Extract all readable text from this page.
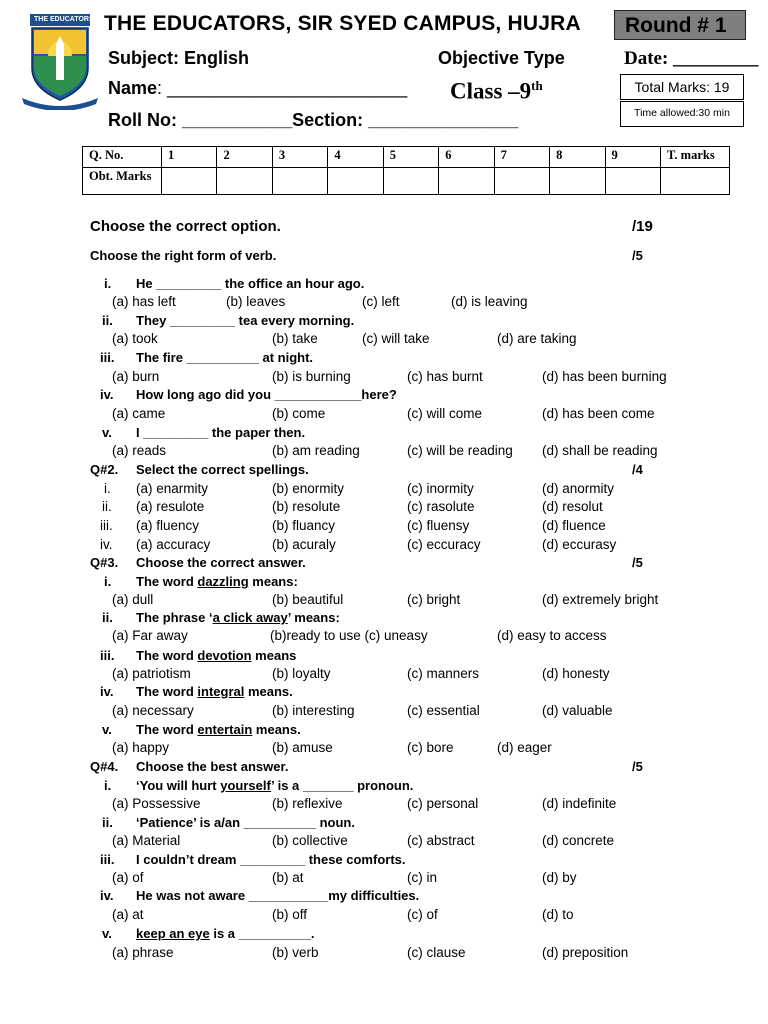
THE EDUCATORS THE EDUCATORS, SIR SYED CAMPUS, HUJRA
Subject: English	Objective Type
Name: ________________________ Class –9th
Roll No: ___________Section: _______________
Round # 1
Date: _________
Total Marks: 19
Time allowed:30 min
Q. No.	1	2	3	4	5	6	7	8	9	T. marks
Obt. Marks										
Choose the correct option.	/19
Choose the right form of verb.	/5
i. He _________ the office an hour ago.
(a) has left	(b) leaves	(c) left	(d) is leaving
ii. They _________ tea every morning.
(a) took	(b) take	(c) will take	(d) are taking
iii. The fire __________ at night.
(a) burn	(b) is burning	(c) has burnt	(d) has been burning
iv. How long ago did you ____________here?
(a) came	(b) come	(c) will come	(d) has been come
v. I _________ the paper then.
(a) reads	(b) am reading	(c) will be reading (d) shall be reading
Q#2. Select the correct spellings.	/4
i. (a) enarmity	(b) enormity	(c) inormity	(d) anormity
ii. (a) resulote	(b) resolute	(c) rasolute	(d) resolut
iii. (a) fluency	(b) fluancy	(c) fluensy	(d) fluence
iv. (a) accuracy	(b) acuraly	(c) eccuracy	(d) eccurasy
Q#3. Choose the correct answer.	/5
i. The word dazzling means:
(a) dull	(b) beautiful	(c) bright	(d) extremely bright
ii. The phrase ‘a click away’ means:
(a) Far away	(b)ready to use (c) uneasy	(d) easy to access
iii. The word devotion means
(a) patriotism	(b) loyalty	(c) manners	(d) honesty
iv. The word integral means.
(a) necessary	(b) interesting	(c) essential	(d) valuable
v. The word entertain means.
(a) happy	(b) amuse	(c) bore	(d) eager
Q#4. Choose the best answer.	/5
i. ‘You will hurt yourself’ is a _______ pronoun.
(a) Possessive	(b) reflexive	(c) personal	(d) indefinite
ii. ‘Patience’ is a/an __________ noun.
(a) Material	(b) collective	(c) abstract	(d) concrete
iii. I couldn’t dream _________ these comforts.
(a) of	(b) at	(c) in	(d) by
iv. He was not aware ___________my difficulties.
(a) at	(b) off	(c) of	(d) to
v. keep an eye is a __________.
(a) phrase	(b) verb	(c) clause	(d) preposition
